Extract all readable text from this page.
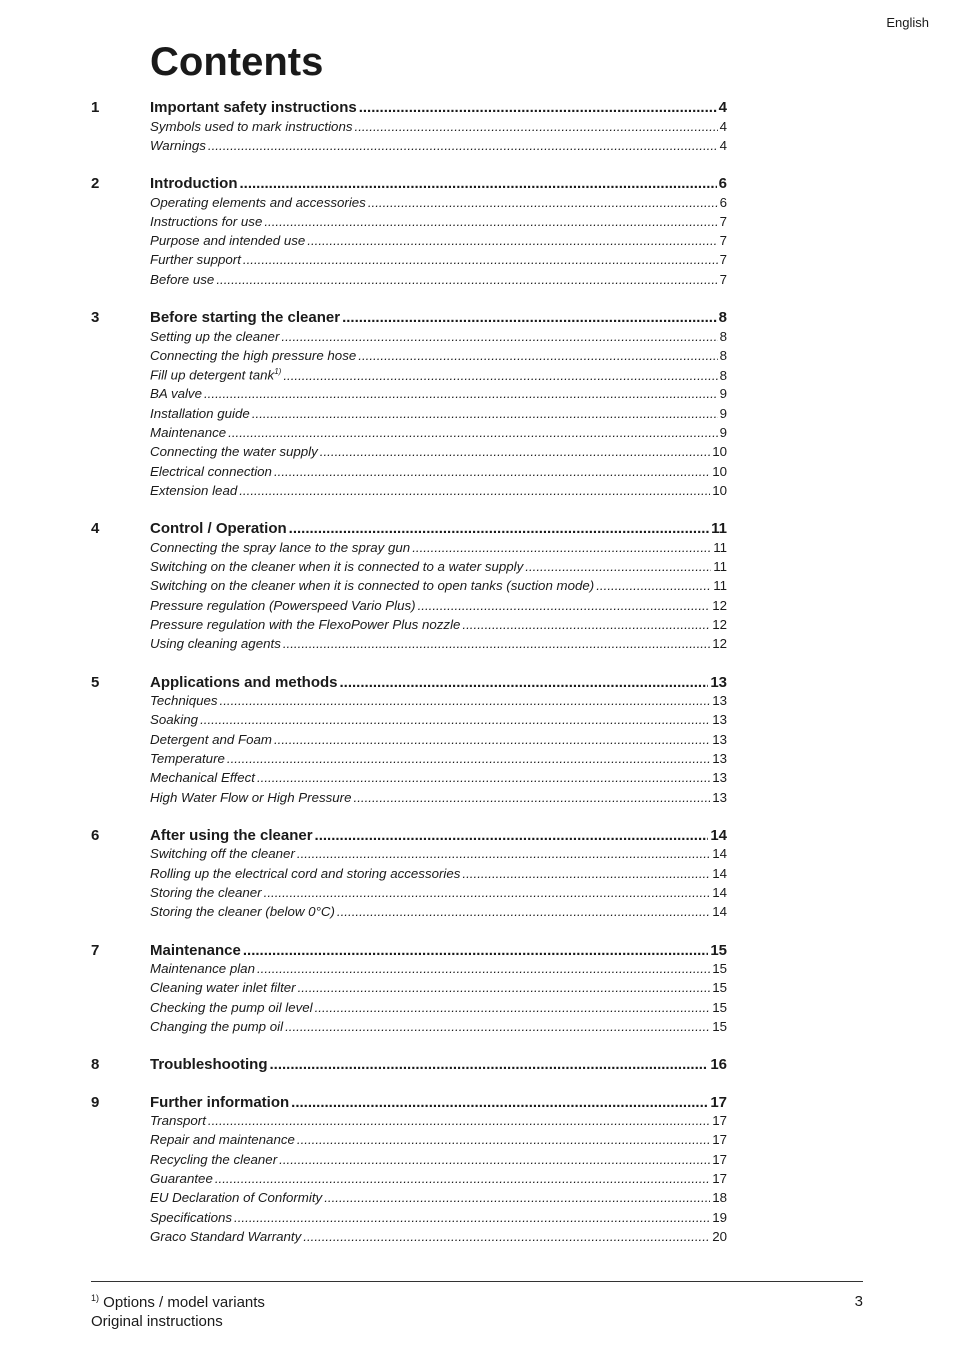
English
Contents
1	Important safety instructions .....	4
Symbols used to mark instructions .....	4
Warnings .....	4
2	Introduction .....	6
Operating elements and accessories .....	6
Instructions for use .....	7
Purpose and intended use .....	7
Further support .....	7
Before use .....	7
3	Before starting the cleaner .....	8
Setting up the cleaner .....	8
Connecting the high pressure hose .....	8
Fill up detergent tank$^{1)}$ .....	8
BA valve .....	9
Installation guide .....	9
Maintenance .....	9
Connecting the water supply .....	10
Electrical connection .....	10
Extension lead .....	10
4	Control / Operation .....	11
Connecting the spray lance to the spray gun .....	11
Switching on the cleaner when it is connected to a water supply .....	11
Switching on the cleaner when it is connected to open tanks (suction mode) .....	11
Pressure regulation (Powerspeed Vario Plus) .....	12
Pressure regulation with the FlexoPower Plus nozzle .....	12
Using cleaning agents .....	12
5	Applications and methods .....	13
Techniques .....	13
Soaking .....	13
Detergent and Foam .....	13
Temperature .....	13
Mechanical Effect .....	13
High Water Flow or High Pressure .....	13
6	After using the cleaner .....	14
Switching off the cleaner .....	14
Rolling up the electrical cord and storing accessories .....	14
Storing the cleaner .....	14
Storing the cleaner (below 0°C) .....	14
7	Maintenance .....	15
Maintenance plan .....	15
Cleaning water inlet filter .....	15
Checking the pump oil level .....	15
Changing the pump oil .....	15
8	Troubleshooting .....	16
9	Further information .....	17
Transport .....	17
Repair and maintenance .....	17
Recycling the cleaner .....	17
Guarantee .....	17
EU Declaration of Conformity .....	18
Specifications .....	19
Graco Standard Warranty .....	20
$^{1)}$ Options / model variants
Original instructions
3
